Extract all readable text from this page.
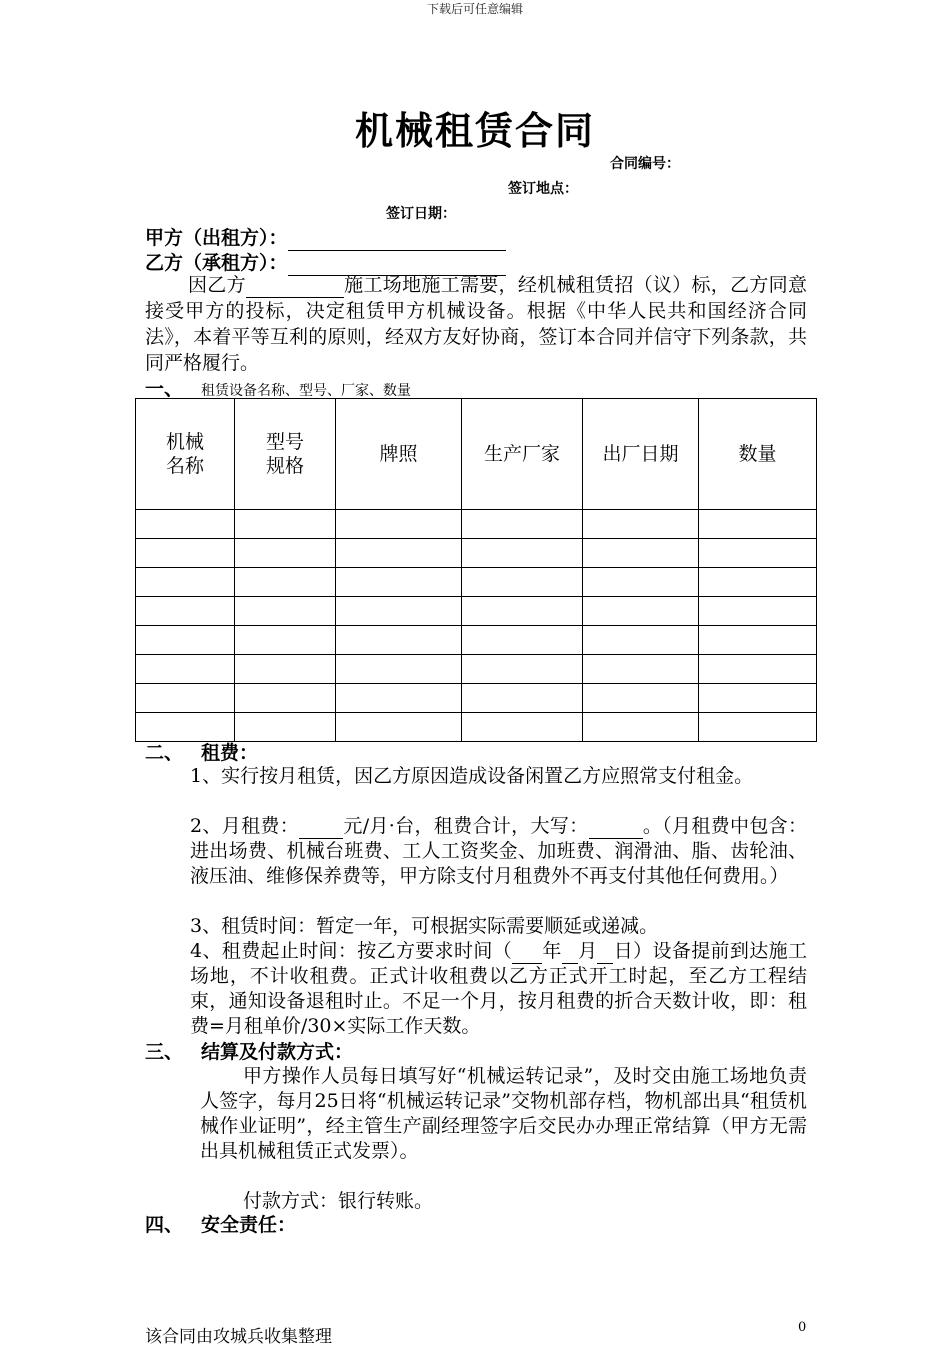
下载后可任意编辑
机械租赁合同
合同编号：
签订地点：
签订日期：
甲方（出租方）：
乙方（承租方）：
因乙方	施工场地施工需要，经机械租赁招（议）标，乙方同意接受甲方的投标，决定租赁甲方机械设备。根据《中华人民共和国经济合同法》，本着平等互利的原则，经双方友好协商，签订本合同并信守下列条款，共同严格履行。
一、 租赁设备名称、型号、厂家、数量
机械名称	型号规格	牌照	生产厂家	出厂日期	数量

二、 租费：
1、实行按月租赁，因乙方原因造成设备闲置乙方应照常支付租金。
2、月租费： 元/月·台，租费合计，大写：	。（月租费中包含：进出场费、机械台班费、工人工资奖金、加班费、润滑油、脂、齿轮油、液压油、维修保养费等，甲方除支付月租费外不再支付其他任何费用。）
3、租赁时间：暂定一年，可根据实际需要顺延或递减。
4、租费起止时间：按乙方要求时间（ 年 月 日）设备提前到达施工场地，不计收租费。正式计收租费以乙方正式开工时起，至乙方工程结束，通知设备退租时止。不足一个月，按月租费的折合天数计收，即：租费=月租单价/30×实际工作天数。
三、 结算及付款方式：
甲方操作人员每日填写好“机械运转记录”，及时交由施工场地负责人签字，每月25日将“机械运转记录”交物机部存档，物机部出具“租赁机械作业证明”，经主管生产副经理签字后交民办办理正常结算（甲方无需出具机械租赁正式发票）。
付款方式：银行转账。
四、 安全责任：
该合同由攻城兵收集整理	0
